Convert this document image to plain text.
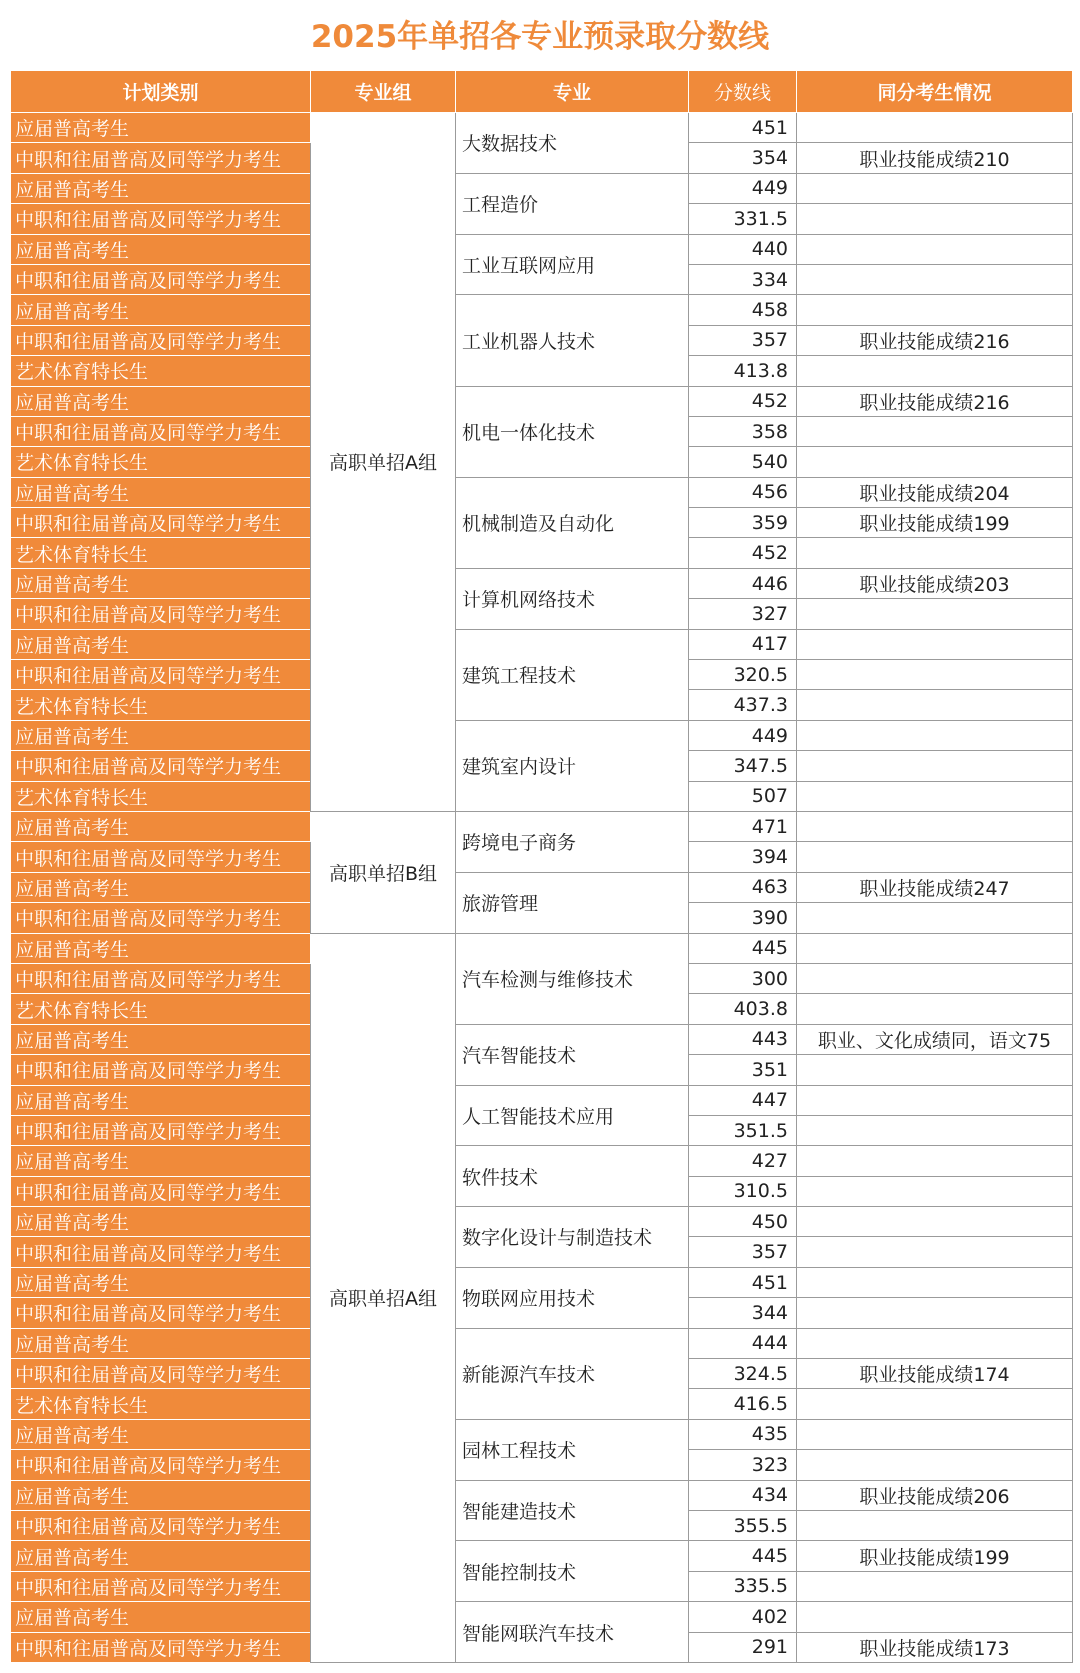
2025年单招各专业预录取分数线
计划类别	专业组	专业	分数线	同分考生情况
应届普高考生	高职单招A组	大数据技术	451	
中职和往届普高及同等学力考生			354	职业技能成绩210
应届普高考生		工程造价	449	
中职和往届普高及同等学力考生			331.5	
应届普高考生		工业互联网应用	440	
中职和往届普高及同等学力考生			334	
应届普高考生		工业机器人技术	458	
中职和往届普高及同等学力考生			357	职业技能成绩216
艺术体育特长生			413.8	
应届普高考生		机电一体化技术	452	职业技能成绩216
中职和往届普高及同等学力考生			358	
艺术体育特长生			540	
应届普高考生		机械制造及自动化	456	职业技能成绩204
中职和往届普高及同等学力考生			359	职业技能成绩199
艺术体育特长生			452	
应届普高考生		计算机网络技术	446	职业技能成绩203
中职和往届普高及同等学力考生			327	
应届普高考生		建筑工程技术	417	
中职和往届普高及同等学力考生			320.5	
艺术体育特长生			437.3	
应届普高考生		建筑室内设计	449	
中职和往届普高及同等学力考生			347.5	
艺术体育特长生			507	
应届普高考生	高职单招B组	跨境电子商务	471	
中职和往届普高及同等学力考生			394	
应届普高考生		旅游管理	463	职业技能成绩247
中职和往届普高及同等学力考生			390	
应届普高考生	高职单招A组	汽车检测与维修技术	445	
中职和往届普高及同等学力考生			300	
艺术体育特长生			403.8	
应届普高考生		汽车智能技术	443	职业、文化成绩同，语文75
中职和往届普高及同等学力考生			351	
应届普高考生		人工智能技术应用	447	
中职和往届普高及同等学力考生			351.5	
应届普高考生		软件技术	427	
中职和往届普高及同等学力考生			310.5	
应届普高考生		数字化设计与制造技术	450	
中职和往届普高及同等学力考生			357	
应届普高考生		物联网应用技术	451	
中职和往届普高及同等学力考生			344	
应届普高考生		新能源汽车技术	444	
中职和往届普高及同等学力考生			324.5	职业技能成绩174
艺术体育特长生			416.5	
应届普高考生		园林工程技术	435	
中职和往届普高及同等学力考生			323	
应届普高考生		智能建造技术	434	职业技能成绩206
中职和往届普高及同等学力考生			355.5	
应届普高考生		智能控制技术	445	职业技能成绩199
中职和往届普高及同等学力考生			335.5	
应届普高考生		智能网联汽车技术	402	
中职和往届普高及同等学力考生			291	职业技能成绩173
